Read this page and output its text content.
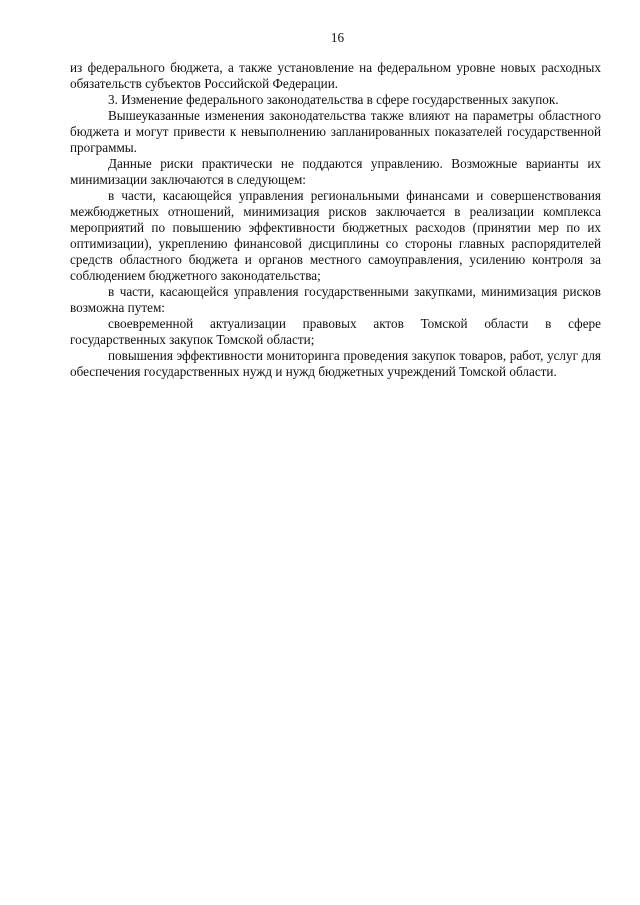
16

из федерального бюджета, а также установление на федеральном уровне новых расходных обязательств субъектов Российской Федерации.

3. Изменение федерального законодательства в сфере государственных закупок.

Вышеуказанные изменения законодательства также влияют на параметры областного бюджета и могут привести к невыполнению запланированных показателей государственной программы.

Данные риски практически не поддаются управлению. Возможные варианты их минимизации заключаются в следующем:

в части, касающейся управления региональными финансами и совершенствования межбюджетных отношений, минимизация рисков заключается в реализации комплекса мероприятий по повышению эффективности бюджетных расходов (принятии мер по их оптимизации), укреплению финансовой дисциплины со стороны главных распорядителей средств областного бюджета и органов местного самоуправления, усилению контроля за соблюдением бюджетного законодательства;

в части, касающейся управления государственными закупками, минимизация рисков возможна путем:

своевременной актуализации правовых актов Томской области в сфере государственных закупок Томской области;

повышения эффективности мониторинга проведения закупок товаров, работ, услуг для обеспечения государственных нужд и нужд бюджетных учреждений Томской области.
